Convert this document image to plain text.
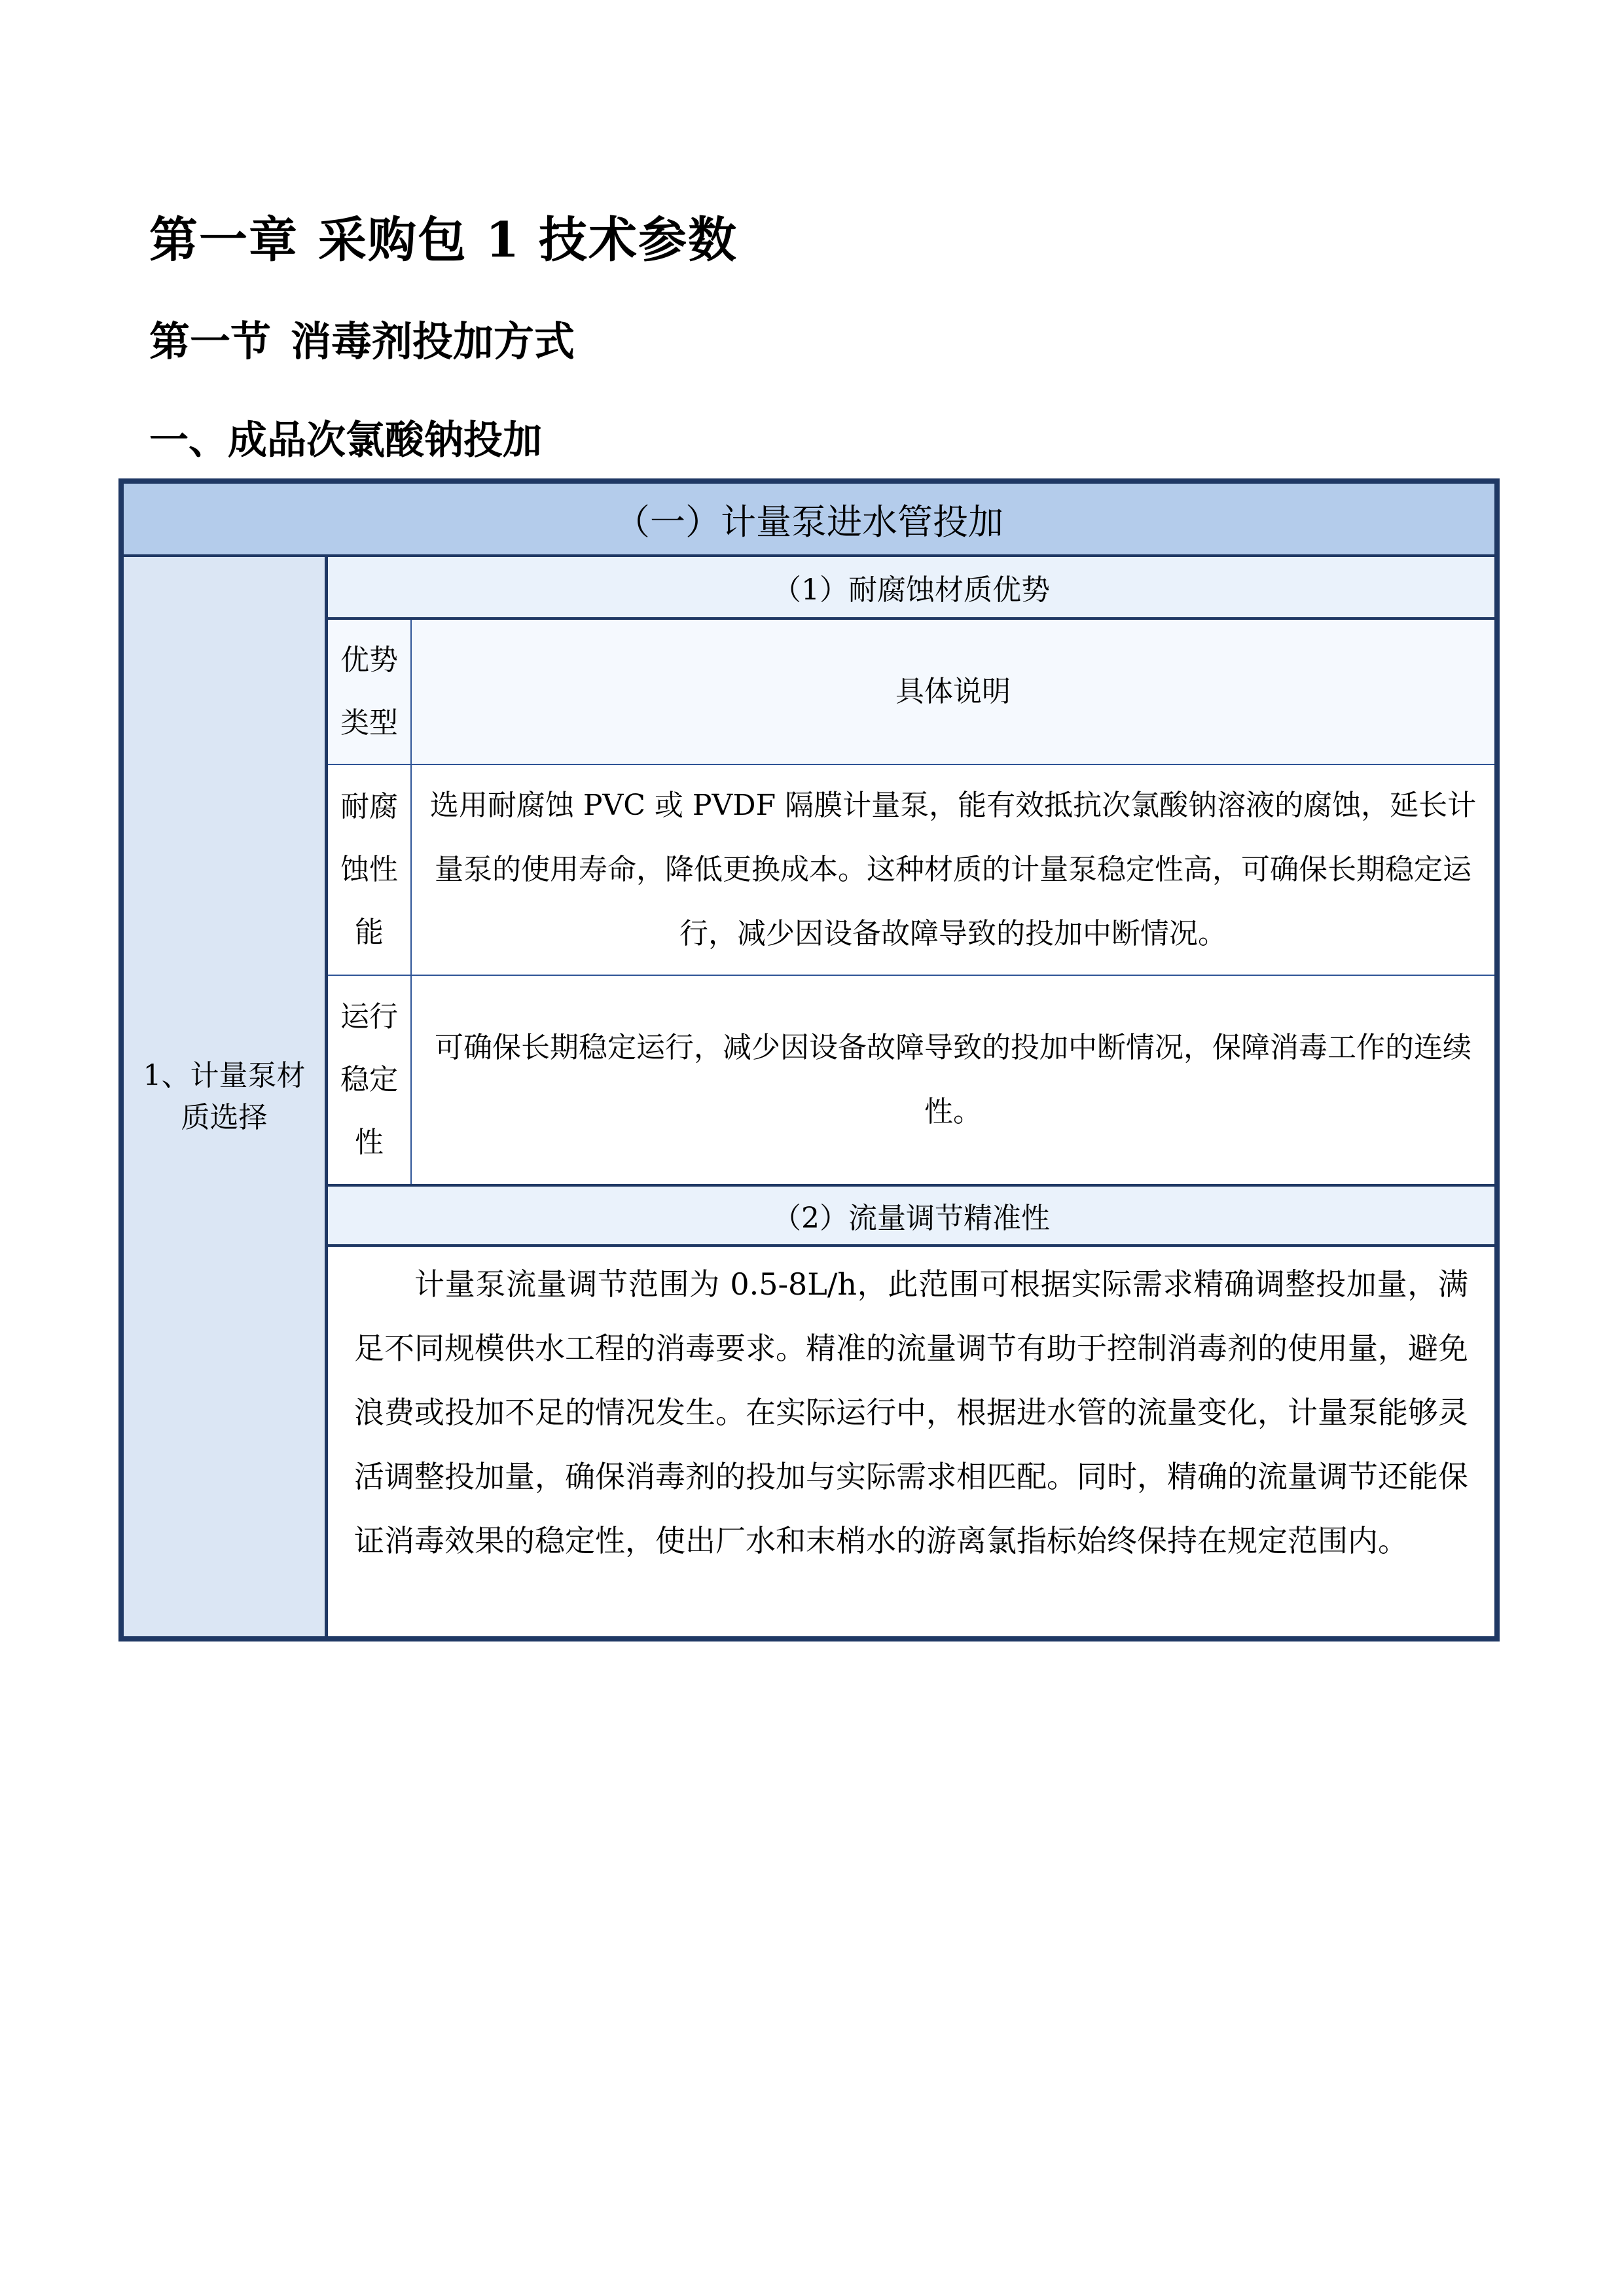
第一章 采购包 1 技术参数
第一节 消毒剂投加方式
一、成品次氯酸钠投加
（一）计量泵进水管投加
1、计量泵材质选择
（1）耐腐蚀材质优势
优势类型
具体说明
耐腐蚀性能
选用耐腐蚀 PVC 或 PVDF 隔膜计量泵，能有效抵抗次氯酸钠溶液的腐蚀，延长计量泵的使用寿命，降低更换成本。这种材质的计量泵稳定性高，可确保长期稳定运行，减少因设备故障导致的投加中断情况。
运行稳定性
可确保长期稳定运行，减少因设备故障导致的投加中断情况，保障消毒工作的连续性。
（2）流量调节精准性
计量泵流量调节范围为 0.5-8L/h，此范围可根据实际需求精确调整投加量，满足不同规模供水工程的消毒要求。精准的流量调节有助于控制消毒剂的使用量，避免浪费或投加不足的情况发生。在实际运行中，根据进水管的流量变化，计量泵能够灵活调整投加量，确保消毒剂的投加与实际需求相匹配。同时，精确的流量调节还能保证消毒效果的稳定性，使出厂水和末梢水的游离氯指标始终保持在规定范围内。
